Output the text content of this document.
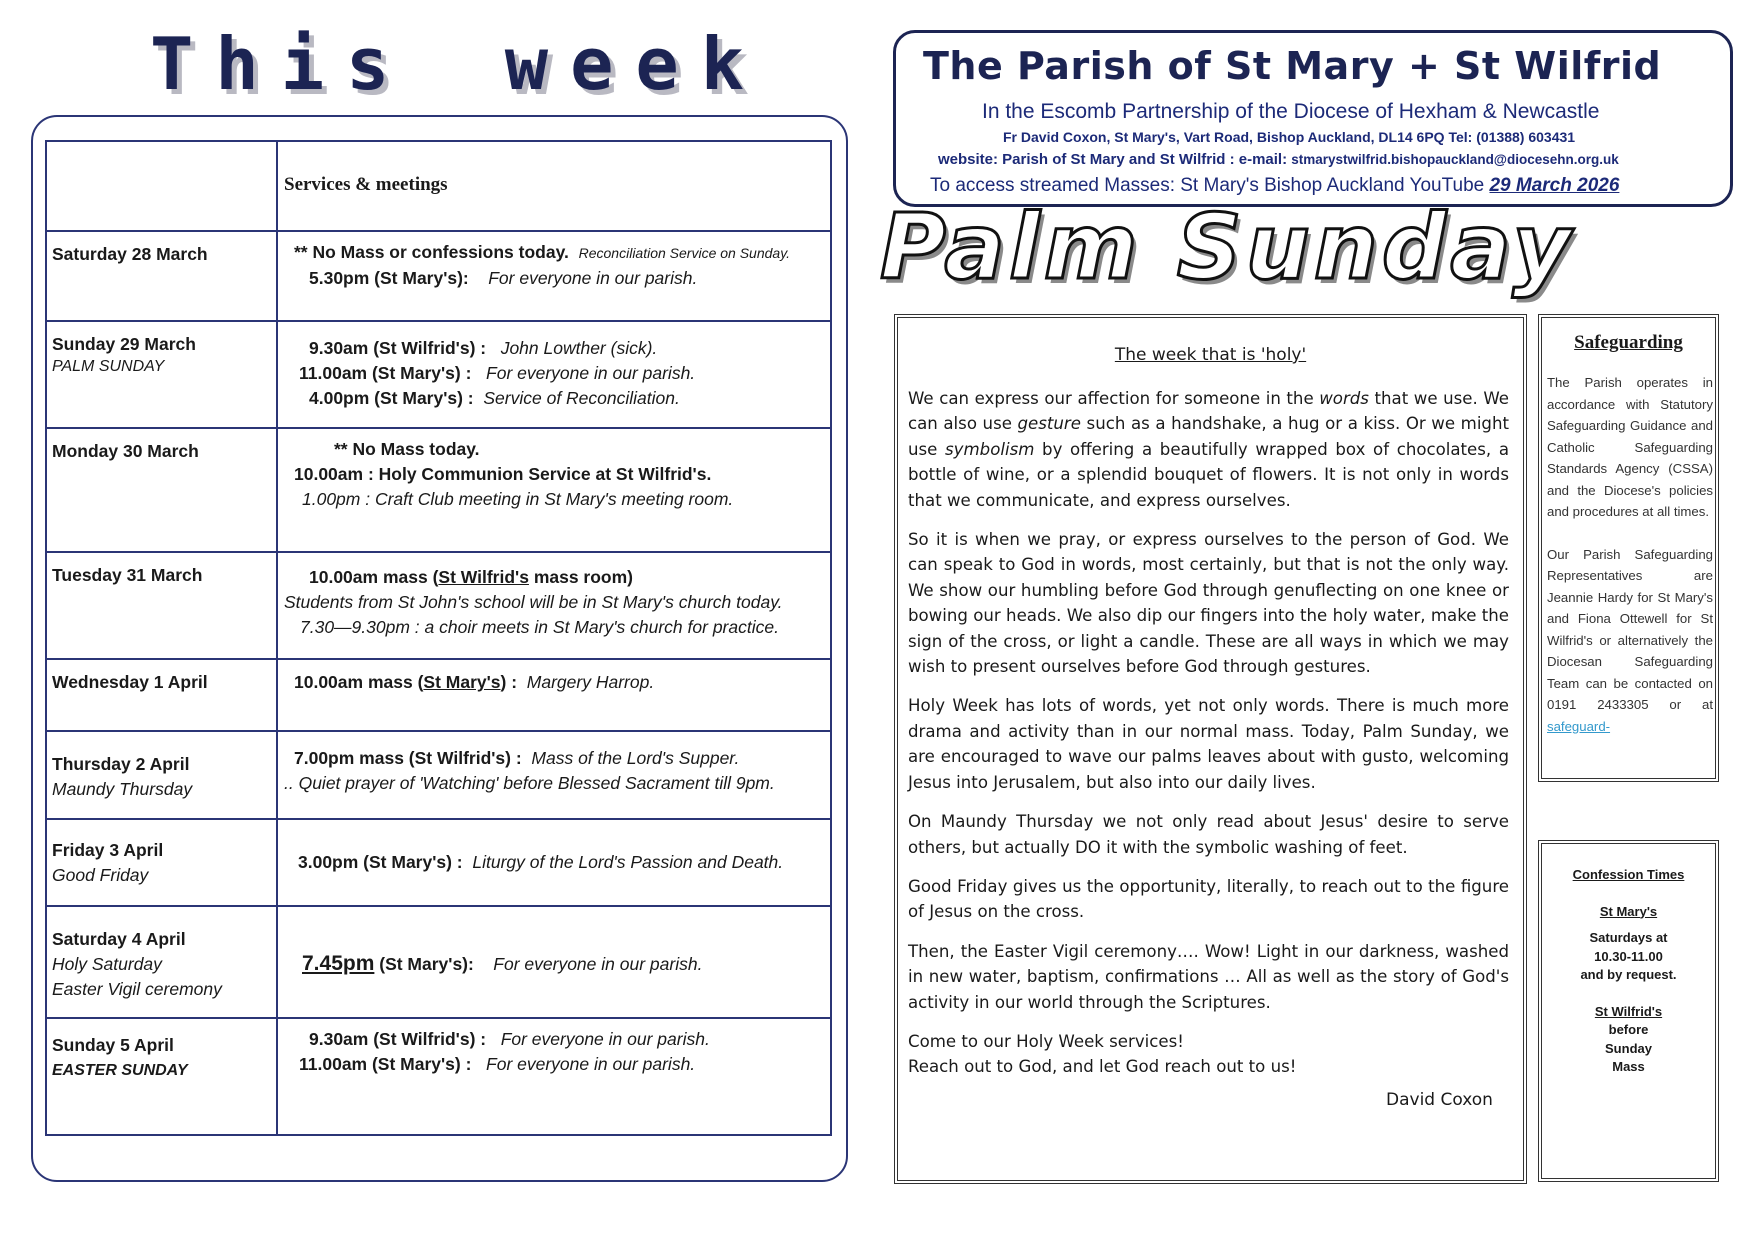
This week
	Services & meetings

Saturday 28 March	** No Mass or confessions today. Reconciliation Service on Sunday.
5.30pm (St Mary's): For everyone in our parish.

Sunday 29 March
PALM SUNDAY	9.30am (St Wilfrid's) : John Lowther (sick).
11.00am (St Mary's) : For everyone in our parish.
4.00pm (St Mary's) : Service of Reconciliation.

Monday 30 March	** No Mass today.
10.00am : Holy Communion Service at St Wilfrid's.
1.00pm : Craft Club meeting in St Mary's meeting room.

Tuesday 31 March	10.00am mass (St Wilfrid's mass room)
Students from St John's school will be in St Mary's church today.
7.30—9.30pm : a choir meets in St Mary's church for practice.

Wednesday 1 April	10.00am mass (St Mary's) : Margery Harrop.

Thursday 2 April
Maundy Thursday	7.00pm mass (St Wilfrid's) : Mass of the Lord's Supper.
.. Quiet prayer of 'Watching' before Blessed Sacrament till 9pm.

Friday 3 April
Good Friday	3.00pm (St Mary's) : Liturgy of the Lord's Passion and Death.

Saturday 4 April
Holy Saturday
Easter Vigil ceremony	7.45pm (St Mary's): For everyone in our parish.

Sunday 5 April
EASTER SUNDAY	9.30am (St Wilfrid's) : For everyone in our parish.
11.00am (St Mary's) : For everyone in our parish.
The Parish of St Mary + St Wilfrid
In the Escomb Partnership of the Diocese of Hexham & Newcastle
Fr David Coxon, St Mary's, Vart Road, Bishop Auckland, DL14 6PQ Tel: (01388) 603431
website: Parish of St Mary and St Wilfrid : e-mail: stmarystwilfrid.bishopauckland@diocesehn.org.uk
To access streamed Masses: St Mary's Bishop Auckland YouTube 29 March 2026
Palm Sunday
The week that is 'holy'

We can express our affection for someone in the words that we use. We can also use gesture such as a handshake, a hug or a kiss. Or we might use symbolism by offering a beautifully wrapped box of chocolates, a bottle of wine, or a splendid bouquet of flowers. It is not only in words that we communicate, and express ourselves.

So it is when we pray, or express ourselves to the person of God. We can speak to God in words, most certainly, but that is not the only way. We show our humbling before God through genuflecting on one knee or bowing our heads. We also dip our fingers into the holy water, make the sign of the cross, or light a candle. These are all ways in which we may wish to present ourselves before God through gestures.

Holy Week has lots of words, yet not only words. There is much more drama and activity than in our normal mass. Today, Palm Sunday, we are encouraged to wave our palms leaves about with gusto, welcoming Jesus into Jerusalem, but also into our daily lives.

On Maundy Thursday we not only read about Jesus' desire to serve others, but actually DO it with the symbolic washing of feet.

Good Friday gives us the opportunity, literally, to reach out to the figure of Jesus on the cross.

Then, the Easter Vigil ceremony…. Wow! Light in our darkness, washed in new water, baptism, confirmations … All as well as the story of God's activity in our world through the Scriptures.

Come to our Holy Week services!
Reach out to God, and let God reach out to us!

David Coxon
Safeguarding

The Parish operates in accordance with Statutory Safeguarding Guidance and Catholic Safeguarding Standards Agency (CSSA) and the Diocese's policies and procedures at all times.

Our Parish Safeguarding Representatives are Jeannie Hardy for St Mary's and Fiona Ottewell for St Wilfrid's or alternatively the Diocesan Safeguarding Team can be contacted on 0191 2433305 or at safeguard-

Confession Times
St Mary's
Saturdays at
10.30-11.00
and by request.
St Wilfrid's
before
Sunday
Mass
